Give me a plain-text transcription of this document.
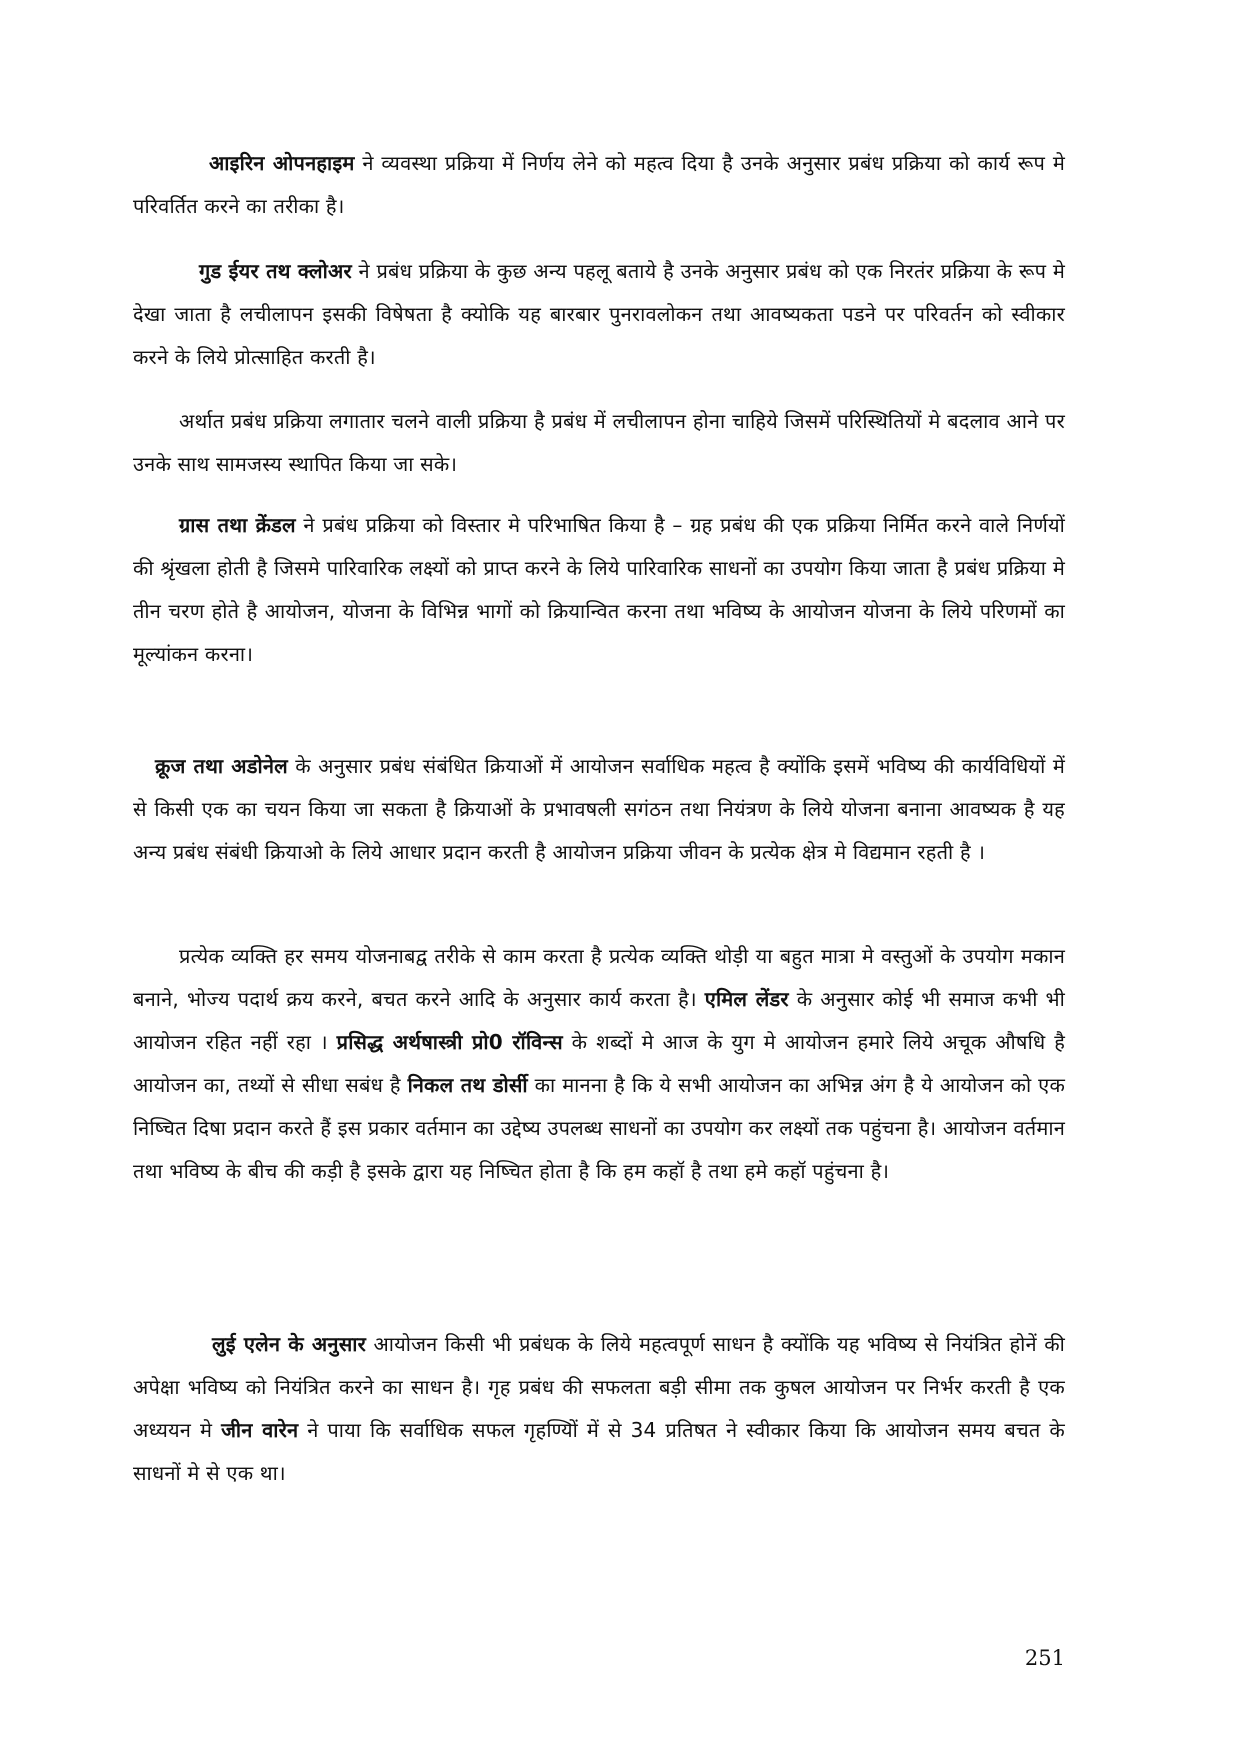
आइरिन ओपनहाइम ने व्यवस्था प्रक्रिया में निर्णय लेने को महत्व दिया है उनके अनुसार प्रबंध प्रक्रिया को कार्य रूप मे परिवर्तित करने का तरीका है।

गुड ईयर तथ क्लोअर ने प्रबंध प्रक्रिया के कुछ अन्य पहलू बताये है उनके अनुसार प्रबंध को एक निरतंर प्रक्रिया के रूप मे देखा जाता है लचीलापन इसकी विषेषता है क्योकि यह बारबार पुनरावलोकन तथा आवष्यकता पडने पर परिवर्तन को स्वीकार करने के लिये प्रोत्साहित करती है।

अर्थात प्रबंध प्रक्रिया लगातार चलने वाली प्रक्रिया है प्रबंध में लचीलापन होना चाहिये जिसमें परिस्थितियों मे बदलाव आने पर उनके साथ सामजस्य स्थापित किया जा सके।

ग्रास तथा क्रेंडल ने प्रबंध प्रक्रिया को विस्तार मे परिभाषित किया है – ग्रह प्रबंध की एक प्रक्रिया निर्मित करने वाले निर्णयों की श्रृंखला होती है जिसमे पारिवारिक लक्ष्यों को प्राप्त करने के लिये पारिवारिक साधनों का उपयोग किया जाता है प्रबंध प्रक्रिया मे तीन चरण होते है आयोजन, योजना के विभिन्न भागों को क्रियान्वित करना तथा भविष्य के आयोजन योजना के लिये परिणमों का मूल्यांकन करना।

क्रूज तथा अडोनेल के अनुसार प्रबंध संबंधित क्रियाओं में आयोजन सर्वाधिक महत्व है क्योंकि इसमें भविष्य की कार्यविधियों में से किसी एक का चयन किया जा सकता है क्रियाओं के प्रभावषली सगंठन तथा नियंत्रण के लिये योजना बनाना आवष्यक है यह अन्य प्रबंध संबंधी क्रियाओ के लिये आधार प्रदान करती है आयोजन प्रक्रिया जीवन के प्रत्येक क्षेत्र मे विद्यमान रहती है ।

प्रत्येक व्यक्ति हर समय योजनाबद्व तरीके से काम करता है प्रत्येक व्यक्ति थोड़ी या बहुत मात्रा मे वस्तुओं के उपयोग मकान बनाने, भोज्य पदार्थ क्रय करने, बचत करने आदि के अनुसार कार्य करता है। एमिल लेंडर के अनुसार कोई भी समाज कभी भी आयोजन रहित नहीं रहा । प्रसिद्ध अर्थषास्त्री प्रो0 रॉविन्स के शब्दों मे आज के युग मे आयोजन हमारे लिये अचूक औषधि है आयोजन का, तथ्यों से सीधा सबंध है निकल तथ डोर्सी का मानना है कि ये सभी आयोजन का अभिन्न अंग है ये आयोजन को एक निष्चित दिषा प्रदान करते हैं इस प्रकार वर्तमान का उद्देष्य उपलब्ध साधनों का उपयोग कर लक्ष्यों तक पहुंचना है। आयोजन वर्तमान तथा भविष्य के बीच की कड़ी है इसके द्वारा यह निष्चित होता है कि हम कहॉ है तथा हमे कहॉ पहुंचना है।

लुई एलेन के अनुसार आयोजन किसी भी प्रबंधक के लिये महत्वपूर्ण साधन है क्योंकि यह भविष्य से नियंत्रित होनें की अपेक्षा भविष्य को नियंत्रित करने का साधन है। गृह प्रबंध की सफलता बड़ी सीमा तक कुषल आयोजन पर निर्भर करती है एक अध्ययन मे जीन वारेन ने पाया कि सर्वाधिक सफल गृहण्यिों में से 34 प्रतिषत ने स्वीकार किया कि आयोजन समय बचत के साधनों मे से एक था।

251
